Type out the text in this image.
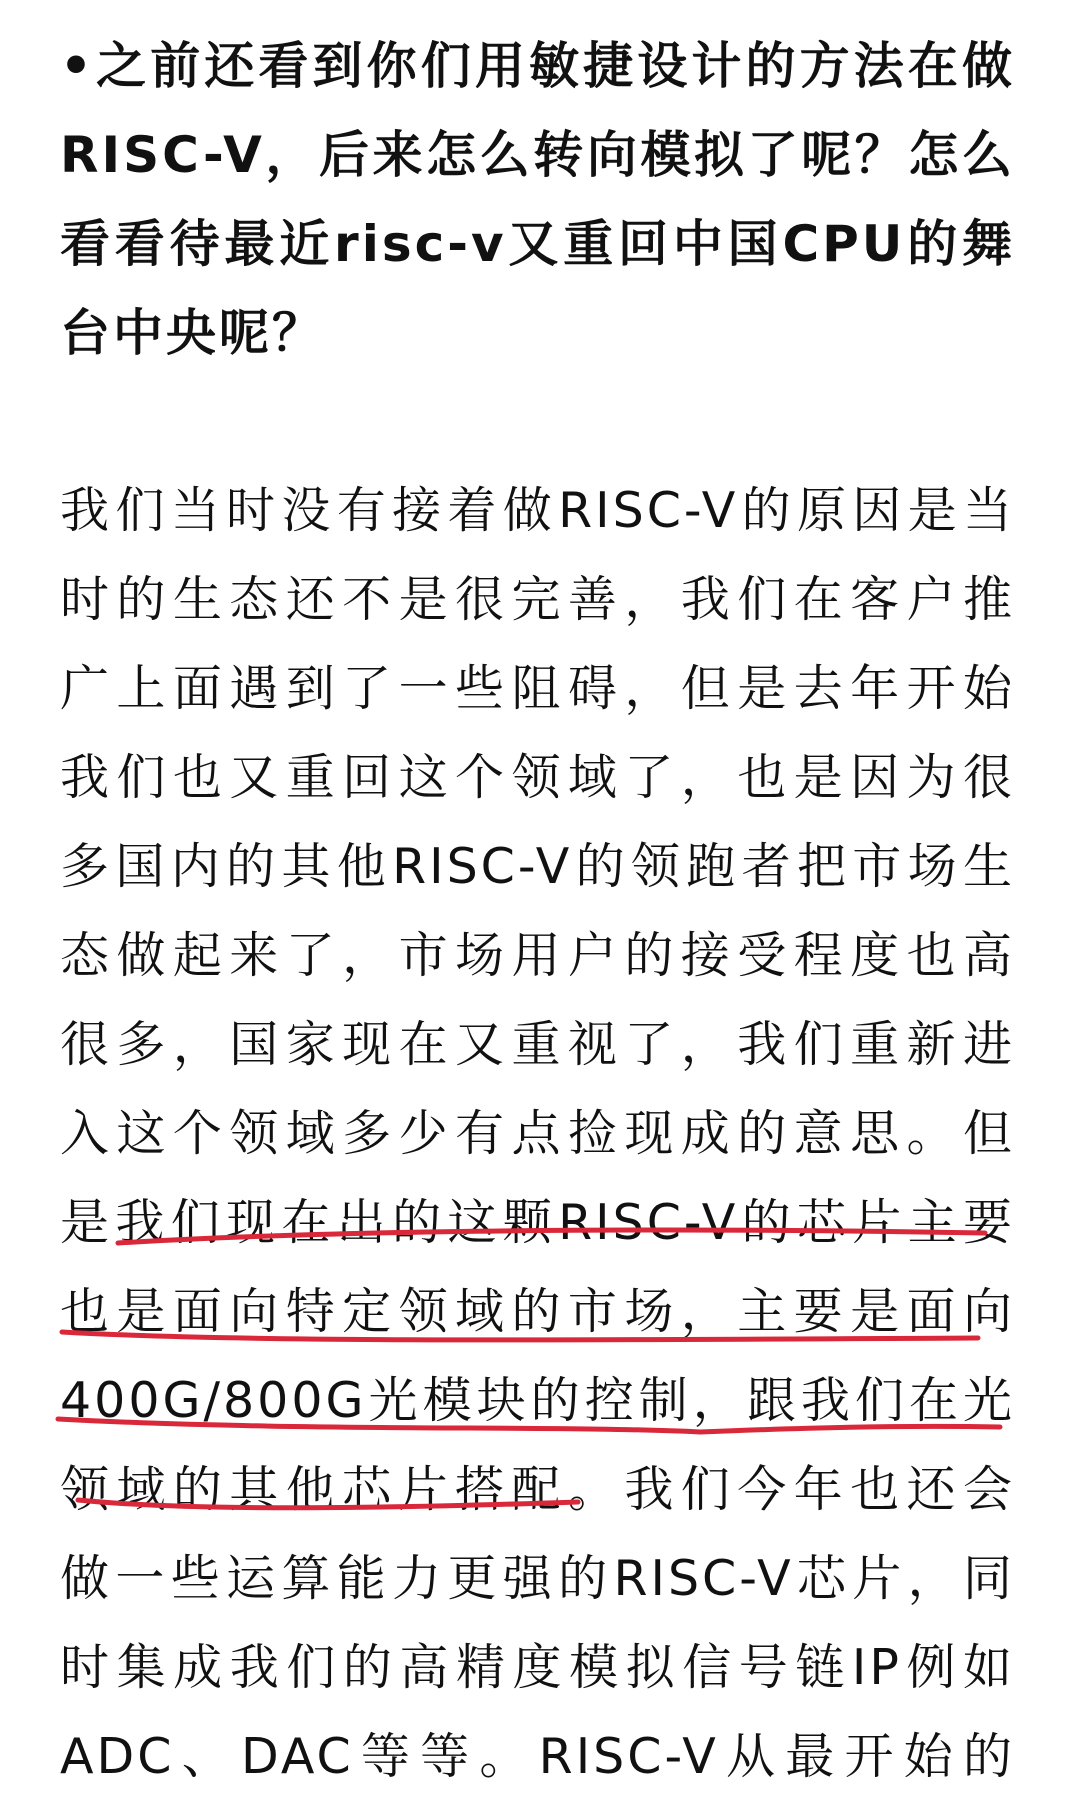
•之前还看到你们用敏捷设计的方法在做
RISC-V，后来怎么转向模拟了呢？怎么
看看待最近risc-v又重回中国CPU的舞
台中央呢？

我们当时没有接着做RISC-V的原因是当
时的生态还不是很完善，我们在客户推
广上面遇到了一些阻碍，但是去年开始
我们也又重回这个领域了，也是因为很
多国内的其他RISC-V的领跑者把市场生
态做起来了，市场用户的接受程度也高
很多，国家现在又重视了，我们重新进
入这个领域多少有点捡现成的意思。但
是我们现在出的这颗RISC-V的芯片主要
也是面向特定领域的市场，主要是面向
400G/800G光模块的控制，跟我们在光
领域的其他芯片搭配。我们今年也还会
做一些运算能力更强的RISC-V芯片，同
时集成我们的高精度模拟信号链IP例如
ADC、DAC等等。RISC-V从最开始的
